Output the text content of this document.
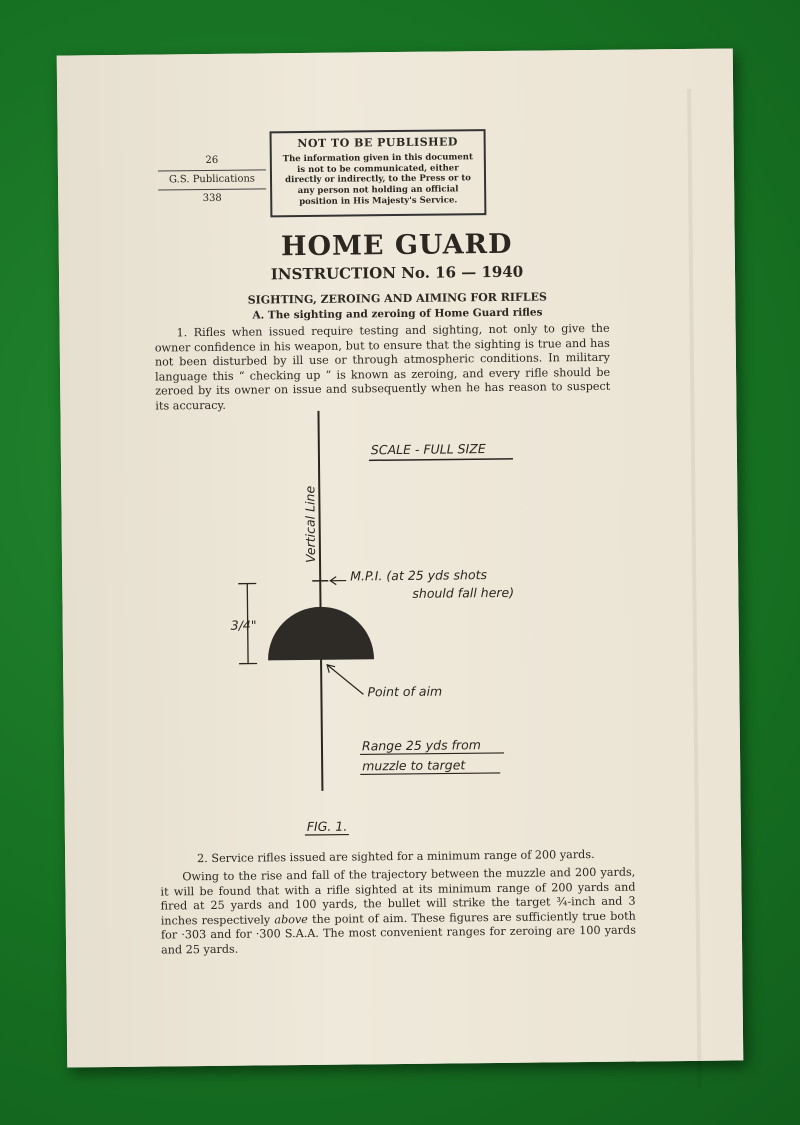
26
G.S. Publications
338
NOT TO BE PUBLISHED
The information given in this document is not to be communicated, either directly or indirectly, to the Press or to any person not holding an official position in His Majesty's Service.
HOME GUARD
INSTRUCTION No. 16 — 1940
SIGHTING, ZEROING AND AIMING FOR RIFLES
A. The sighting and zeroing of Home Guard rifles
1. Rifles when issued require testing and sighting, not only to give the owner confidence in his weapon, but to ensure that the sighting is true and has not been disturbed by ill use or through atmospheric conditions. In military language this “ checking up ” is known as zeroing, and every rifle should be zeroed by its owner on issue and subsequently when he has reason to suspect its accuracy.
Vertical Line
SCALE - FULL SIZE
M.P.I. (at 25 yds shots
should fall here)
3/4"
Point of aim
Range 25 yds from
muzzle to target
FIG. 1.
2. Service rifles issued are sighted for a minimum range of 200 yards.
Owing to the rise and fall of the trajectory between the muzzle and 200 yards, it will be found that with a rifle sighted at its minimum range of 200 yards and fired at 25 yards and 100 yards, the bullet will strike the target ¾-inch and 3 inches respectively above the point of aim. These figures are sufficiently true both for ·303 and for ·300 S.A.A. The most convenient ranges for zeroing are 100 yards and 25 yards.
